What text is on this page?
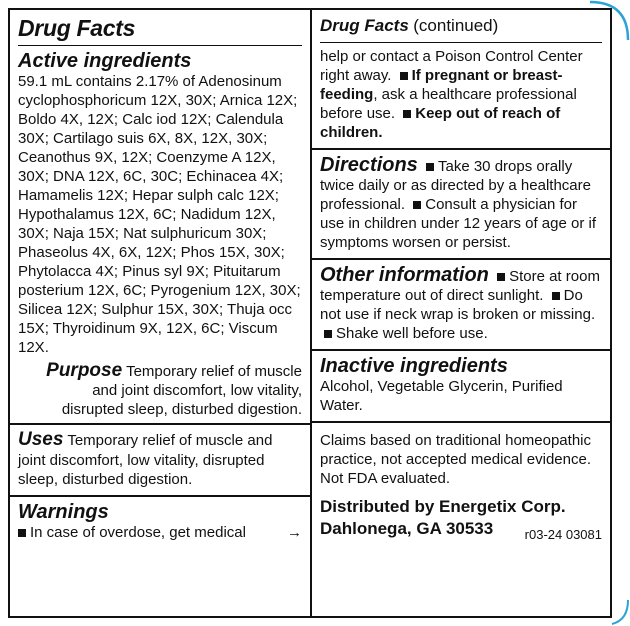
Drug Facts

Active ingredients

59.1 mL contains 2.17% of Adenosinum cyclophosphoricum 12X, 30X; Arnica 12X; Boldo 4X, 12X; Calc iod 12X; Calendula 30X; Cartilago suis 6X, 8X, 12X, 30X; Ceanothus 9X, 12X; Coenzyme A 12X, 30X; DNA 12X, 6C, 30C; Echinacea 4X; Hamamelis 12X; Hepar sulph calc 12X; Hypothalamus 12X, 6C; Nadidum 12X, 30X; Naja 15X; Nat sulphuricum 30X; Phaseolus 4X, 6X, 12X; Phos 15X, 30X; Phytolacca 4X; Pinus syl 9X; Pituitarum posterium 12X, 6C; Pyrogenium 12X, 30X; Silicea 12X; Sulphur 15X, 30X; Thuja occ 15X; Thyroidinum 9X, 12X, 6C; Viscum 12X.
Purpose Temporary relief of muscle and joint discomfort, low vitality, disrupted sleep, disturbed digestion.
Uses Temporary relief of muscle and joint discomfort, low vitality, disrupted sleep, disturbed digestion.

Warnings

In case of overdose, get medical	→
Drug Facts (continued)
help or contact a Poison Control Center right away. If pregnant or breast-feeding, ask a healthcare professional before use. Keep out of reach of children.
Directions Take 30 drops orally twice daily or as directed by a healthcare professional. Consult a physician for use in children under 12 years of age or if symptoms worsen or persist.
Other information Store at room temperature out of direct sunlight. Do not use if neck wrap is broken or missing. Shake well before use.

Inactive ingredients

Alcohol, Vegetable Glycerin, Purified Water.
Claims based on traditional homeopathic practice, not accepted medical evidence. Not FDA evaluated.
Distributed by Energetix Corp.
Dahlonega, GA 30533 r03-24 03081
